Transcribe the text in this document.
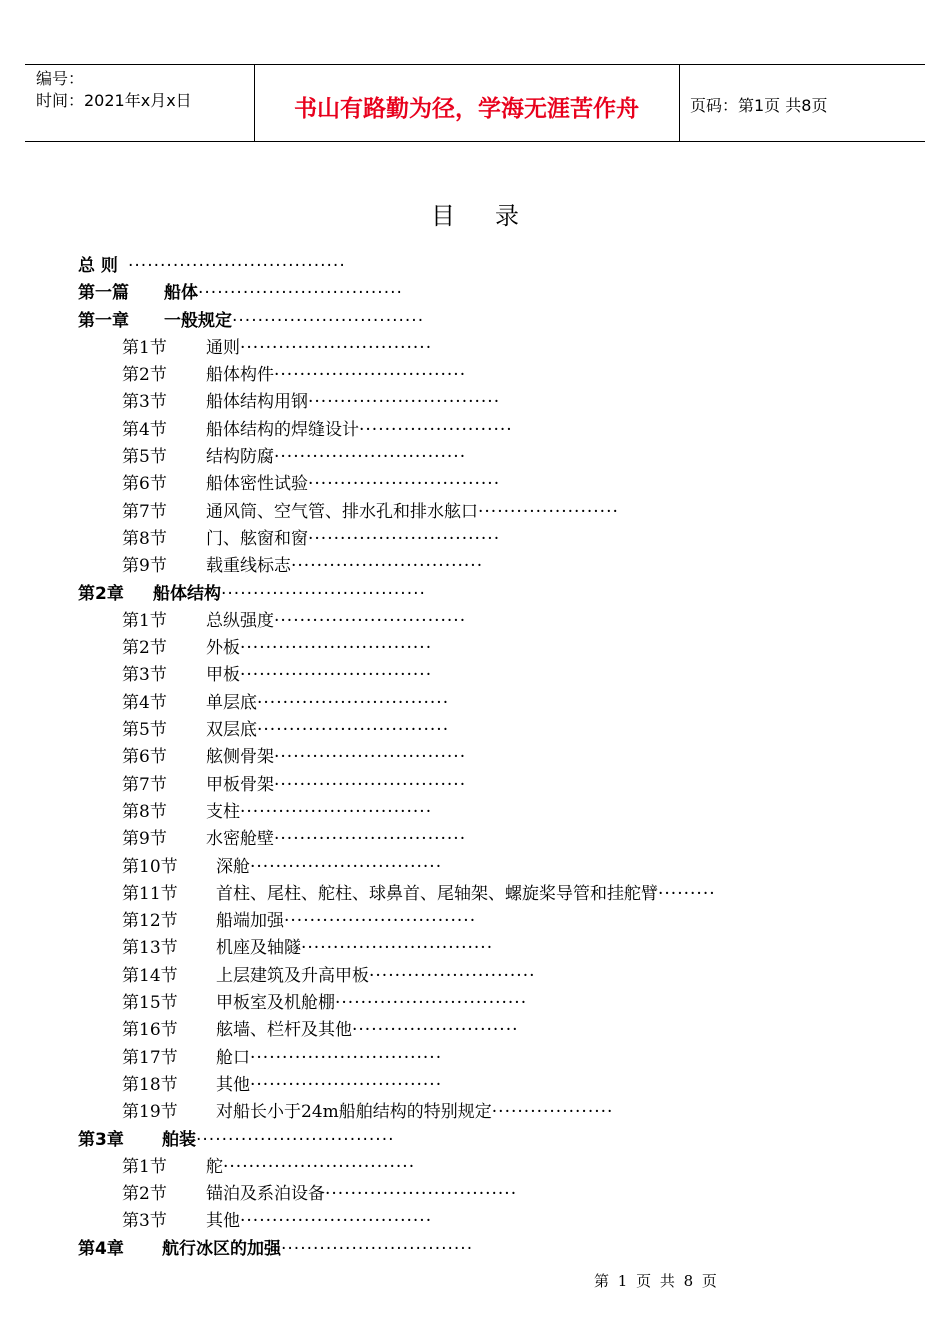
编号：
时间：2021年x月x日	书山有路勤为径，学海无涯苦作舟	页码：第1页 共8页
目录
总 则 ··································
第一篇 船体································
第一章 一般规定······························
第1节 通则······························
第2节 船体构件······························
第3节 船体结构用钢······························
第4节 船体结构的焊缝设计························
第5节 结构防腐······························
第6节 船体密性试验······························
第7节 通风筒、空气管、排水孔和排水舷口······················
第8节 门、舷窗和窗······························
第9节 载重线标志······························
第2章 船体结构································
第1节 总纵强度······························
第2节 外板······························
第3节 甲板······························
第4节 单层底······························
第5节 双层底······························
第6节 舷侧骨架······························
第7节 甲板骨架······························
第8节 支柱······························
第9节 水密舱壁······························
第10节 深舱······························
第11节 首柱、尾柱、舵柱、球鼻首、尾轴架、螺旋桨导管和挂舵臂·········
第12节 船端加强······························
第13节 机座及轴隧······························
第14节 上层建筑及升高甲板··························
第15节 甲板室及机舱棚······························
第16节 舷墙、栏杆及其他··························
第17节 舱口······························
第18节 其他······························
第19节 对船长小于24m船舶结构的特别规定···················
第3章 舶装·······························
第1节 舵······························
第2节 锚泊及系泊设备······························
第3节 其他······························
第4章 航行冰区的加强······························
第 1 页 共 8 页
